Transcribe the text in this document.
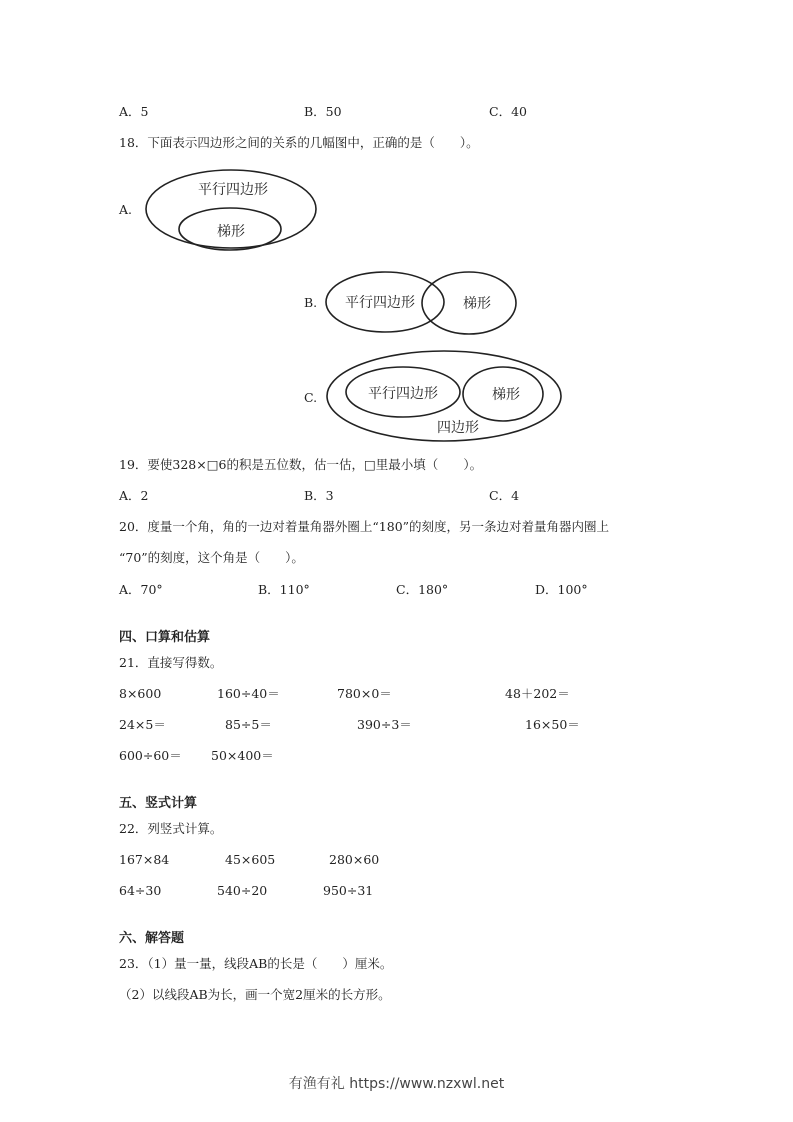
A．5	B．50	C．40
18．下面表示四边形之间的关系的几幅图中，正确的是（　　）。
A.
平行四边形
梯形
B. 平行四边形	梯形
C.	平行四边形	梯形
四边形
19．要使328×□6的积是五位数，估一估，□里最小填（　　）。
A．2	B．3	C．4
20．度量一个角，角的一边对着量角器外圈上“180”的刻度，另一条边对着量角器内圈上
“70”的刻度，这个角是（　　）。
A．70°	B．110°	C．180°	D．100°
四、口算和估算
21．直接写得数。
8×600	160÷40＝	780×0＝	48＋202＝
24×5＝	85÷5＝	390÷3＝	16×50＝
600÷60＝ 50×400＝
五、竖式计算
22．列竖式计算。
167×84	45×605	280×60
64÷30	540÷20	950÷31
六、解答题
23．（1）量一量，线段AB的长是（　　）厘米。
（2）以线段AB为长，画一个宽2厘米的长方形。
有渔有礼 https://www.nzxwl.net
